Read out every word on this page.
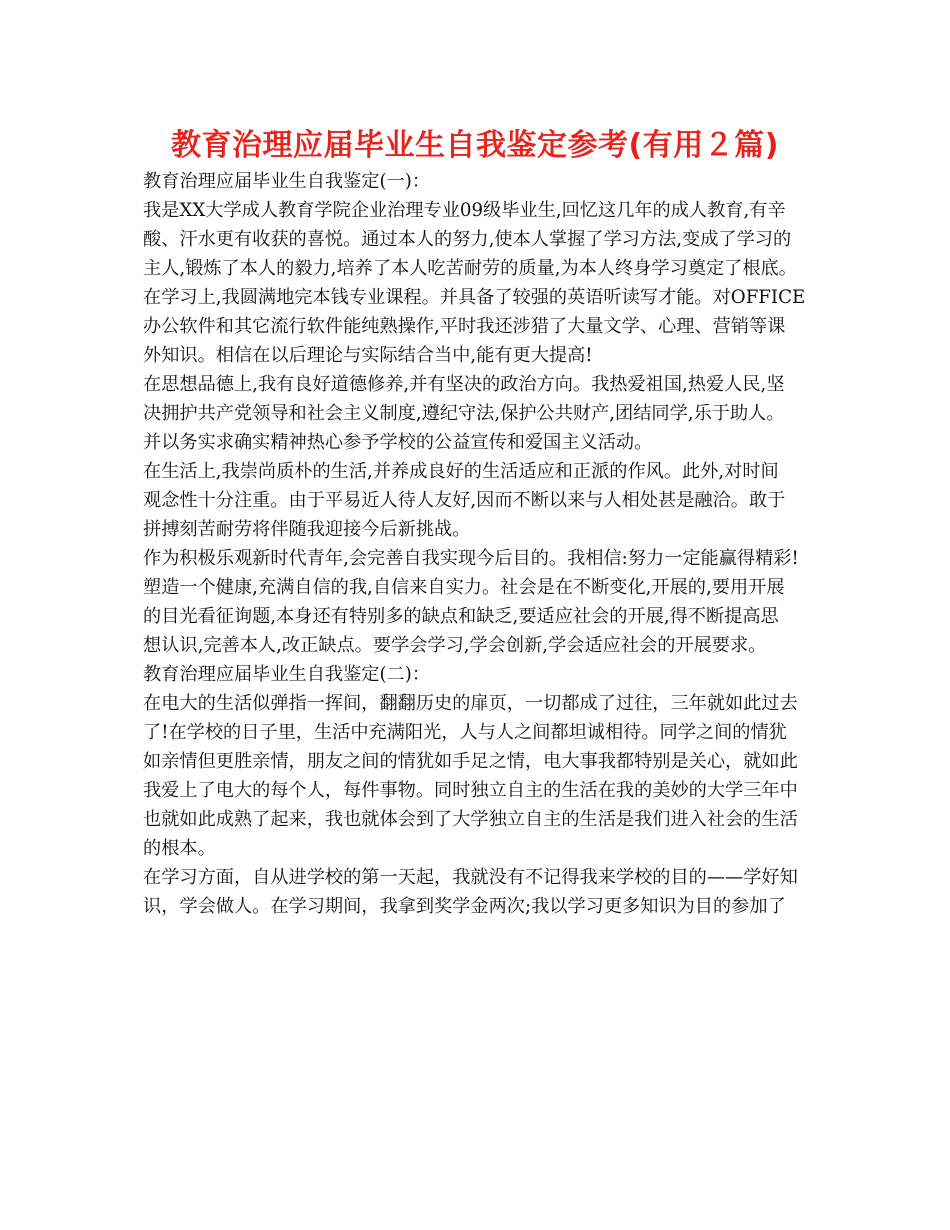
教育治理应届毕业生自我鉴定参考(有用２篇)
教育治理应届毕业生自我鉴定(一)：
我是XX大学成人教育学院企业治理专业09级毕业生,回忆这几年的成人教育,有辛
酸、汗水更有收获的喜悦。通过本人的努力,使本人掌握了学习方法,变成了学习的
主人,锻炼了本人的毅力,培养了本人吃苦耐劳的质量,为本人终身学习奠定了根底。
在学习上,我圆满地完本钱专业课程。并具备了较强的英语听读写才能。对OFFICE
办公软件和其它流行软件能纯熟操作,平时我还涉猎了大量文学、心理、营销等课
外知识。相信在以后理论与实际结合当中,能有更大提高!
在思想品德上,我有良好道德修养,并有坚决的政治方向。我热爱祖国,热爱人民,坚
决拥护共产党领导和社会主义制度,遵纪守法,保护公共财产,团结同学,乐于助人。
并以务实求确实精神热心参予学校的公益宣传和爱国主义活动。
在生活上,我崇尚质朴的生活,并养成良好的生活适应和正派的作风。此外,对时间
观念性十分注重。由于平易近人待人友好,因而不断以来与人相处甚是融洽。敢于
拼搏刻苦耐劳将伴随我迎接今后新挑战。
作为积极乐观新时代青年,会完善自我实现今后目的。我相信:努力一定能赢得精彩!
塑造一个健康,充满自信的我,自信来自实力。社会是在不断变化,开展的,要用开展
的目光看征询题,本身还有特别多的缺点和缺乏,要适应社会的开展,得不断提高思
想认识,完善本人,改正缺点。要学会学习,学会创新,学会适应社会的开展要求。
教育治理应届毕业生自我鉴定(二)：
在电大的生活似弹指一挥间，翻翻历史的扉页，一切都成了过往，三年就如此过去
了!在学校的日子里，生活中充满阳光，人与人之间都坦诚相待。同学之间的情犹
如亲情但更胜亲情，朋友之间的情犹如手足之情，电大事我都特别是关心，就如此
我爱上了电大的每个人，每件事物。同时独立自主的生活在我的美妙的大学三年中
也就如此成熟了起来，我也就体会到了大学独立自主的生活是我们进入社会的生活
的根本。
在学习方面，自从进学校的第一天起，我就没有不记得我来学校的目的——学好知
识，学会做人。在学习期间，我拿到奖学金两次;我以学习更多知识为目的参加了
